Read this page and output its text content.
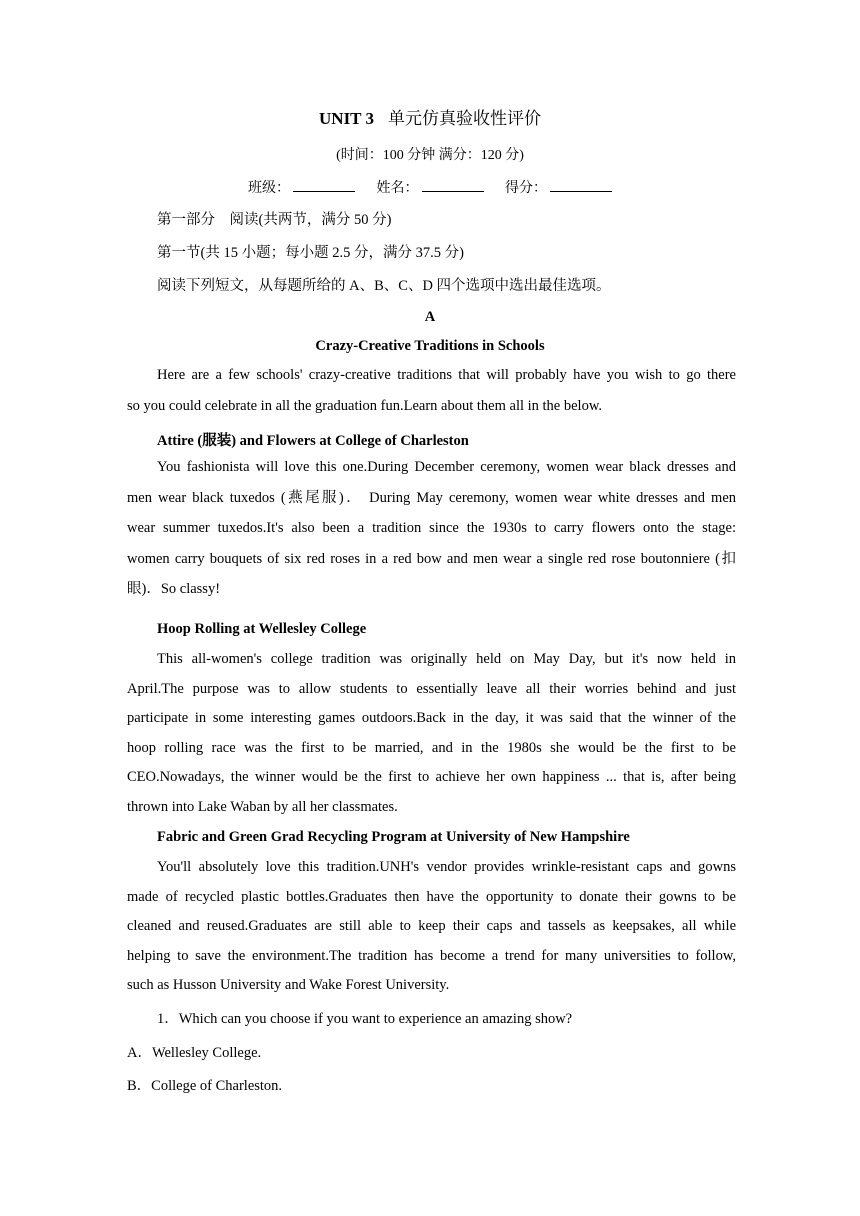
UNIT 3 单元仿真验收性评价
(时间：100 分钟 满分：120 分)
班级：	姓名：	得分：
第一部分　阅读(共两节，满分 50 分)
第一节(共 15 小题；每小题 2.5 分，满分 37.5 分)
阅读下列短文，从每题所给的 A、B、C、D 四个选项中选出最佳选项。
A
Crazy-Creative Traditions in Schools
Here are a few schools' crazy-creative traditions that will probably have you wish to go there
so you could celebrate in all the graduation fun.Learn about them all in the below.
Attire (服装) and Flowers at College of Charleston
You fashionista will love this one.During December ceremony, women wear black dresses and
men wear black tuxedos (燕尾服)． During May ceremony, women wear white dresses and men
wear summer tuxedos.It's also been a tradition since the 1930s to carry flowers onto the stage:
women carry bouquets of six red roses in a red bow and men wear a single red rose boutonniere (扣
眼)．So classy!
Hoop Rolling at Wellesley College
This all-women's college tradition was originally held on May Day, but it's now held in
April.The purpose was to allow students to essentially leave all their worries behind and just
participate in some interesting games outdoors.Back in the day, it was said that the winner of the
hoop rolling race was the first to be married, and in the 1980s she would be the first to be
CEO.Nowadays, the winner would be the first to achieve her own happiness ... that is, after being
thrown into Lake Waban by all her classmates.
Fabric and Green Grad Recycling Program at University of New Hampshire
You'll absolutely love this tradition.UNH's vendor provides wrinkle-resistant caps and gowns
made of recycled plastic bottles.Graduates then have the opportunity to donate their gowns to be
cleaned and reused.Graduates are still able to keep their caps and tassels as keepsakes, all while
helping to save the environment.The tradition has become a trend for many universities to follow,
such as Husson University and Wake Forest University.
1．Which can you choose if you want to experience an amazing show?
A．Wellesley College.
B．College of Charleston.
